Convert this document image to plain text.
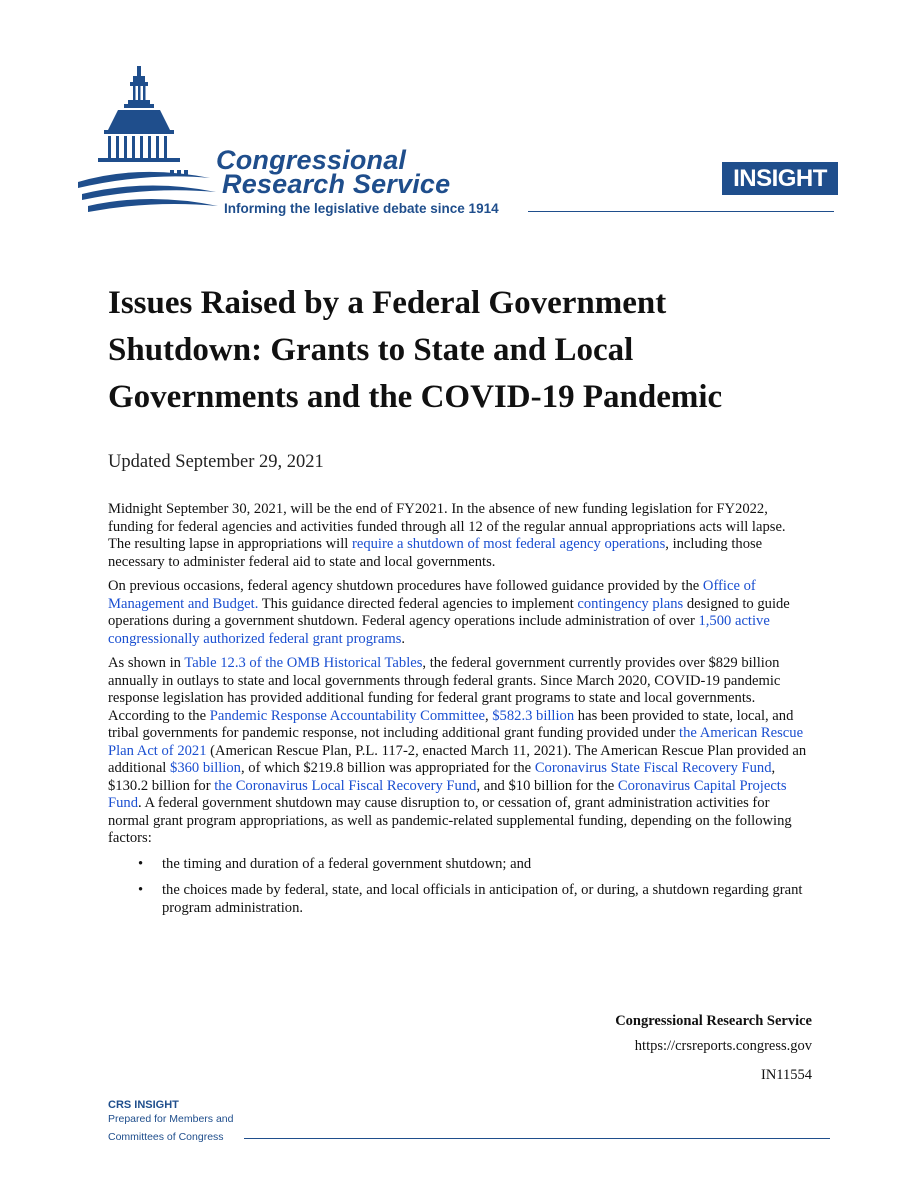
Congressional
Research Service
Informing the legislative debate since 1914
INSIGHT
Issues Raised by a Federal Government Shutdown: Grants to State and Local Governments and the COVID-19 Pandemic
Updated September 29, 2021

Midnight September 30, 2021, will be the end of FY2021. In the absence of new funding legislation for FY2022, funding for federal agencies and activities funded through all 12 of the regular annual appropriations acts will lapse. The resulting lapse in appropriations will require a shutdown of most federal agency operations, including those necessary to administer federal aid to state and local governments.

On previous occasions, federal agency shutdown procedures have followed guidance provided by the Office of Management and Budget. This guidance directed federal agencies to implement contingency plans designed to guide operations during a government shutdown. Federal agency operations include administration of over 1,500 active congressionally authorized federal grant programs.

As shown in Table 12.3 of the OMB Historical Tables, the federal government currently provides over $829 billion annually in outlays to state and local governments through federal grants. Since March 2020, COVID-19 pandemic response legislation has provided additional funding for federal grant programs to state and local governments. According to the Pandemic Response Accountability Committee, $582.3 billion has been provided to state, local, and tribal governments for pandemic response, not including additional grant funding provided under the American Rescue Plan Act of 2021 (American Rescue Plan, P.L. 117-2, enacted March 11, 2021). The American Rescue Plan provided an additional $360 billion, of which $219.8 billion was appropriated for the Coronavirus State Fiscal Recovery Fund, $130.2 billion for the Coronavirus Local Fiscal Recovery Fund, and $10 billion for the Coronavirus Capital Projects Fund. A federal government shutdown may cause disruption to, or cessation of, grant administration activities for normal grant program appropriations, as well as pandemic-related supplemental funding, depending on the following factors:

• the timing and duration of a federal government shutdown; and
• the choices made by federal, state, and local officials in anticipation of, or during, a shutdown regarding grant program administration.
Congressional Research Service
https://crsreports.congress.gov
IN11554
CRS INSIGHT
Prepared for Members and
Committees of Congress
